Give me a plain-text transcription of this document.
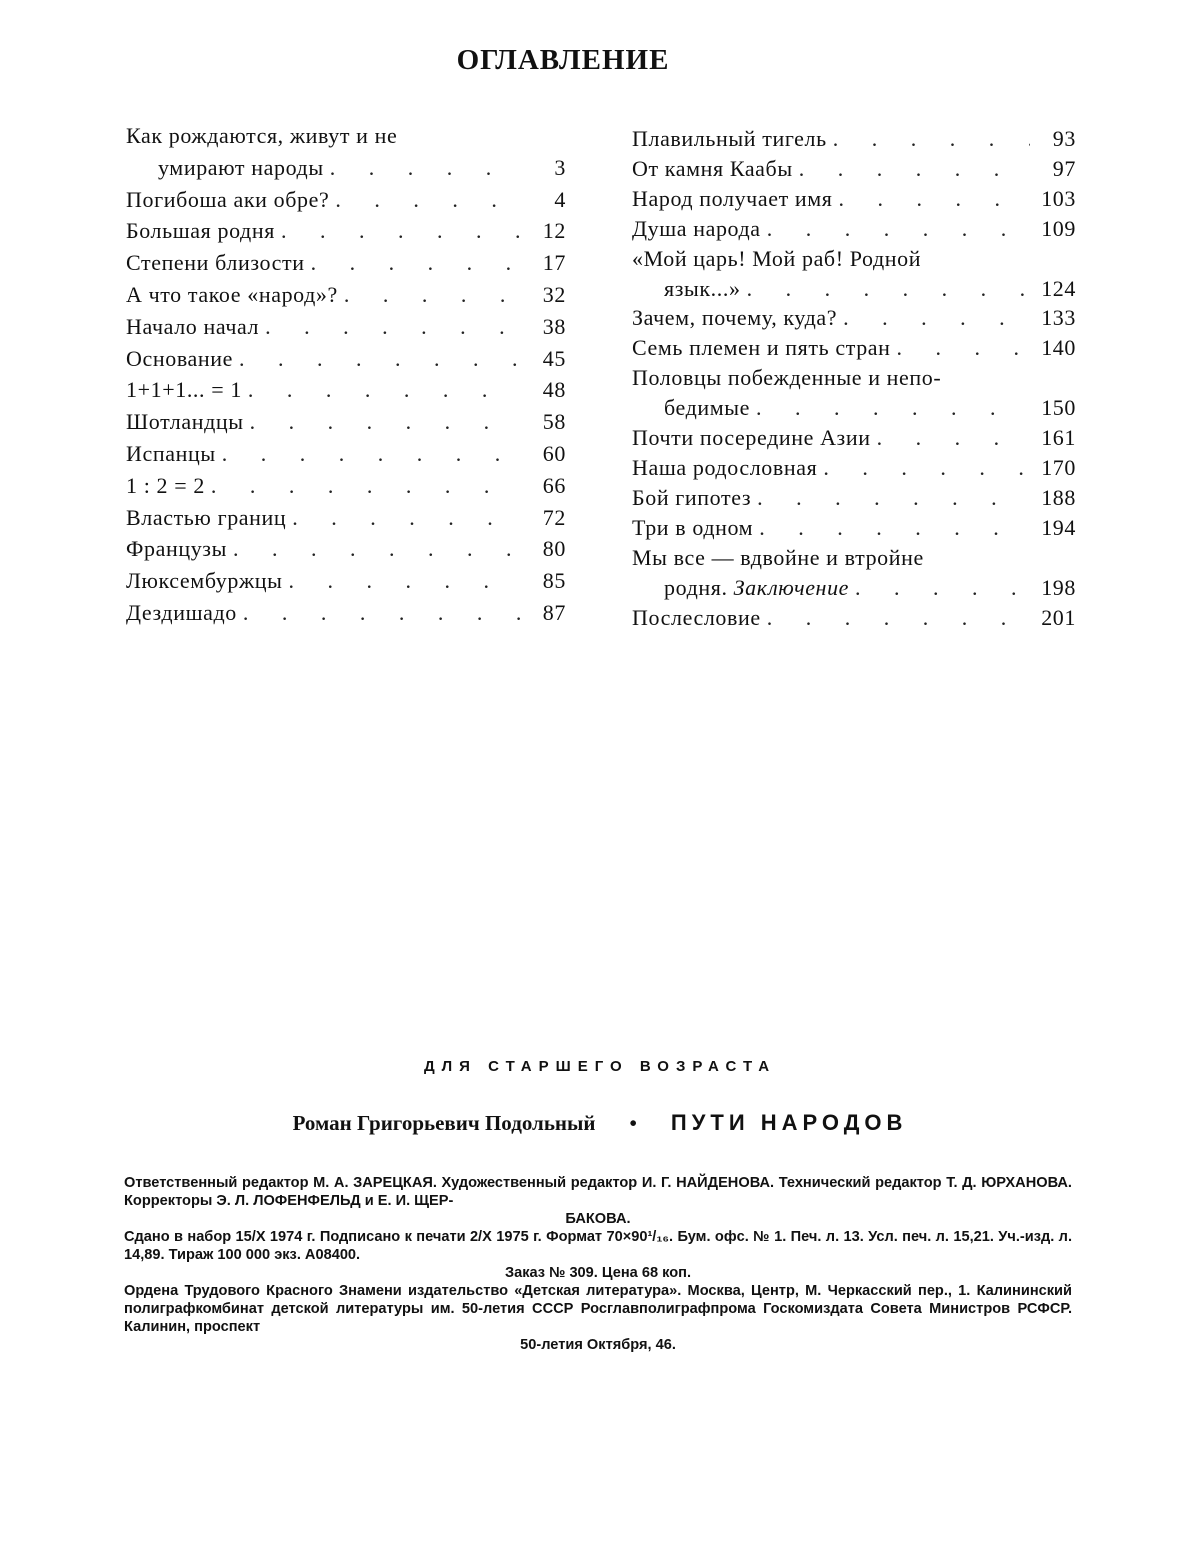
ОГЛАВЛЕНИЕ
Как рождаются, живут и не
умирают народы . . .	3
Погибоша аки обре? . . .	4
Большая родня . . .	12
Степени близости . . .	17
А что такое «народ»? . . .	32
Начало начал . . .	38
Основание . . .	45
1+1+1... = 1 . . .	48
Шотландцы . . .	58
Испанцы . . .	60
1 : 2 = 2 . . .	66
Властью границ . . .	72
Французы . . .	80
Люксембуржцы . . .	85
Дездишадо . . .	87
Плавильный тигель . . .	93
От камня Каабы . . .	97
Народ получает имя . . .	103
Душа народа . . .	109
«Мой царь! Мой раб! Родной
язык...» . . .	124
Зачем, почему, куда? . . .	133
Семь племен и пять стран . . .	140
Половцы побежденные и непо-
бедимые . . .	150
Почти посередине Азии . . .	161
Наша родословная . . .	170
Бой гипотез . . .	188
Три в одном . . .	194
Мы все — вдвойне и втройне
родня. Заключение . . .	198
Послесловие . . .	201
ДЛЯ СТАРШЕГО ВОЗРАСТА
Роман Григорьевич Подольный • ПУТИ НАРОДОВ

Ответственный редактор М. А. ЗАРЕЦКАЯ. Художественный редактор И. Г. НАЙДЕНОВА. Технический редактор Т. Д. ЮРХАНОВА. Корректоры Э. Л. ЛОФЕНФЕЛЬД и Е. И. ЩЕР-

БАКОВА.

Сдано в набор 15/X 1974 г. Подписано к печати 2/X 1975 г. Формат 70×90¹/₁₆. Бум. офс. № 1. Печ. л. 13. Усл. печ. л. 15,21. Уч.-изд. л. 14,89. Тираж 100 000 экз. А08400.

Заказ № 309. Цена 68 коп.

Ордена Трудового Красного Знамени издательство «Детская литература». Москва, Центр, М. Черкасский пер., 1. Калининский полиграфкомбинат детской литературы им. 50-летия СССР Росглавполиграфпрома Госкомиздата Совета Министров РСФСР. Калинин, проспект

50-летия Октября, 46.
